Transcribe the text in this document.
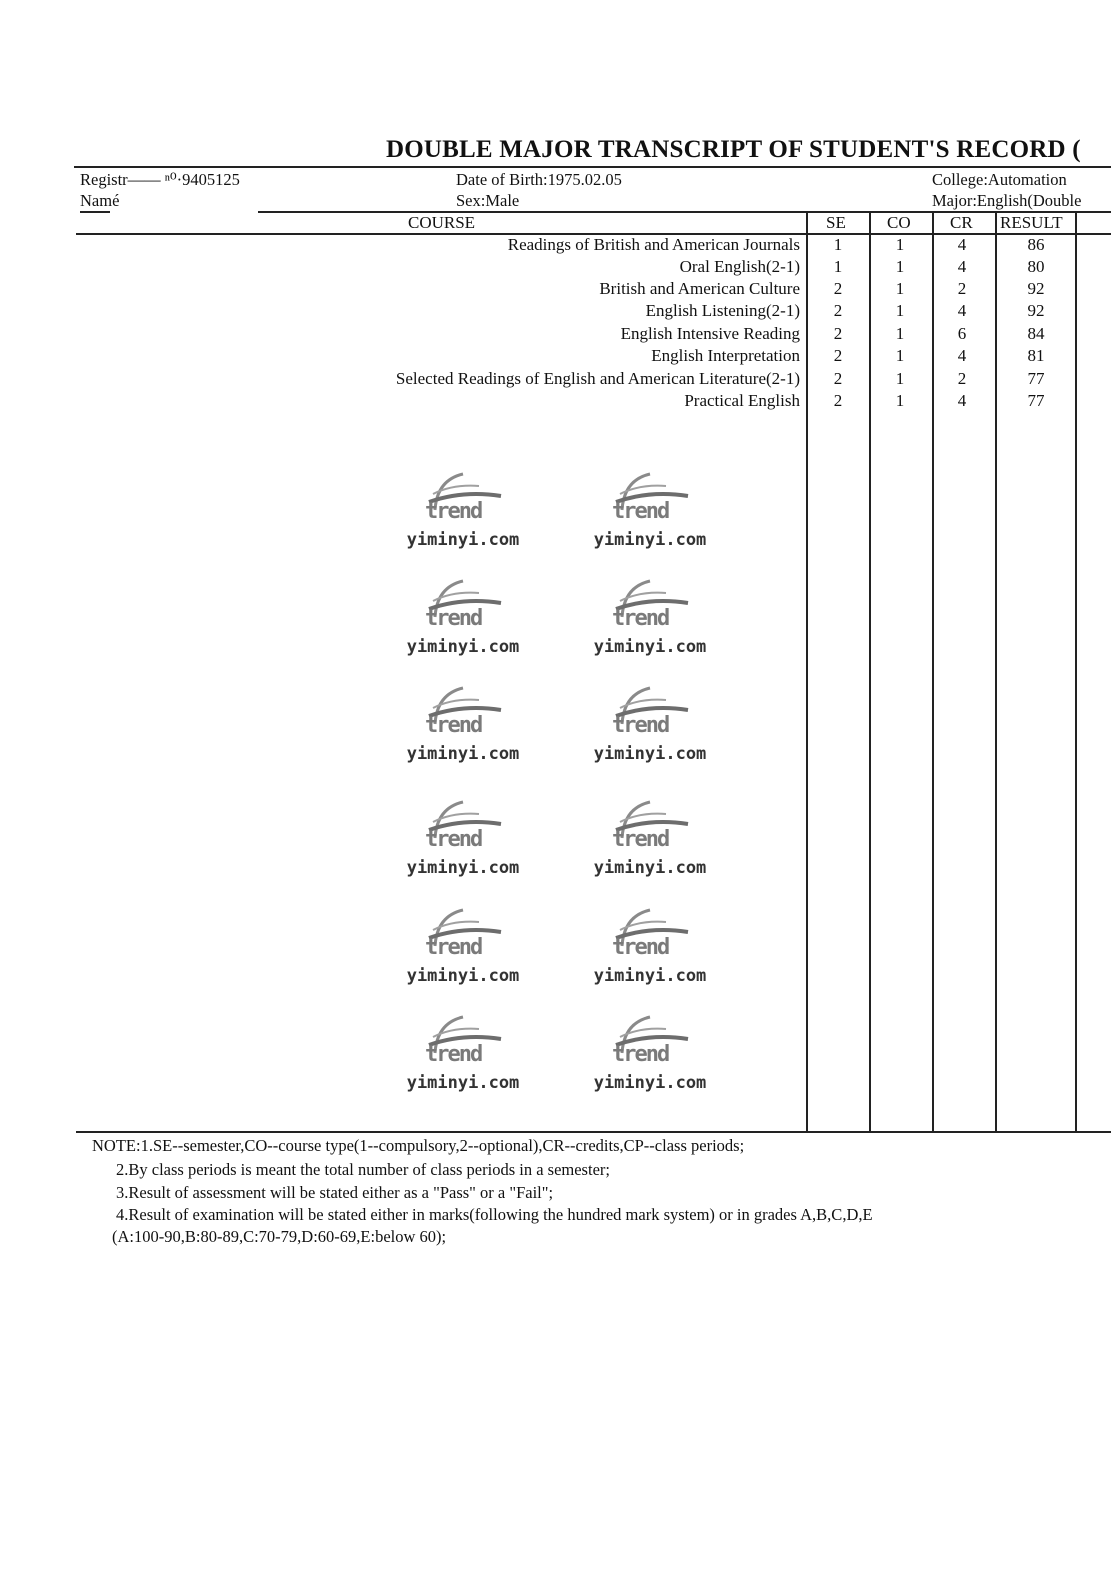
DOUBLE MAJOR TRANSCRIPT OF STUDENT'S RECORD (
Registr—— ⁿ⁰·9405125
Namé
Date of Birth:1975.02.05
Sex:Male
College:Automation
Major:English(Double
COURSE	SE CO CR RESULT
Readings of British and American Journals	1	1	4	86
Oral English(2-1)	1	1	4	80
British and American Culture	2	1	2	92
English Listening(2-1)	2	1	4	92
English Intensive Reading	2	1	6	84
English Interpretation	2	1	4	81
Selected Readings of English and American Literature(2-1)	2	1	2	77
Practical English	2	1	4	77
trend
yiminyi.com
trend
yiminyi.com
trend
yiminyi.com
trend
yiminyi.com
trend
yiminyi.com
trend
yiminyi.com
trend
yiminyi.com
trend
yiminyi.com
trend
yiminyi.com
trend
yiminyi.com
trend
yiminyi.com
trend
yiminyi.com
NOTE:1.SE--semester,CO--course type(1--compulsory,2--optional),CR--credits,CP--class periods;
2.By class periods is meant the total number of class periods in a semester;
3.Result of assessment will be stated either as a "Pass" or a "Fail";
4.Result of examination will be stated either in marks(following the hundred mark system) or in grades A,B,C,D,E
(A:100-90,B:80-89,C:70-79,D:60-69,E:below 60);
